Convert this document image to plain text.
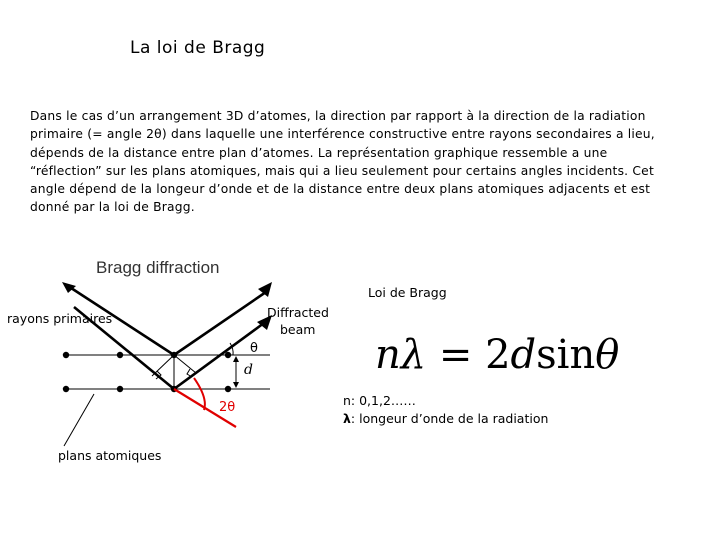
La loi de Bragg

Dans le cas d’un arrangement 3D d’atomes, la direction par rapport à la direction de la radiation primaire (= angle 2θ) dans laquelle une interférence constructive entre rayons secondaires a lieu, dépends de la distance entre plan d’atomes. La représentation graphique ressemble a une “réflection” sur les plans atomiques, mais qui a lieu seulement pour certains angles incidents. Cet angle dépend de la longeur d’onde et de la distance entre deux plans atomiques adjacents et est donné par la loi de Bragg.

Bragg diffraction
θ
d
2θ
rayons primaires	Diffracted
beam
plans atomiques
Loi de Bragg
nλ = 2dsinθ
n: 0,1,2……
λ: longeur d’onde de la radiation
